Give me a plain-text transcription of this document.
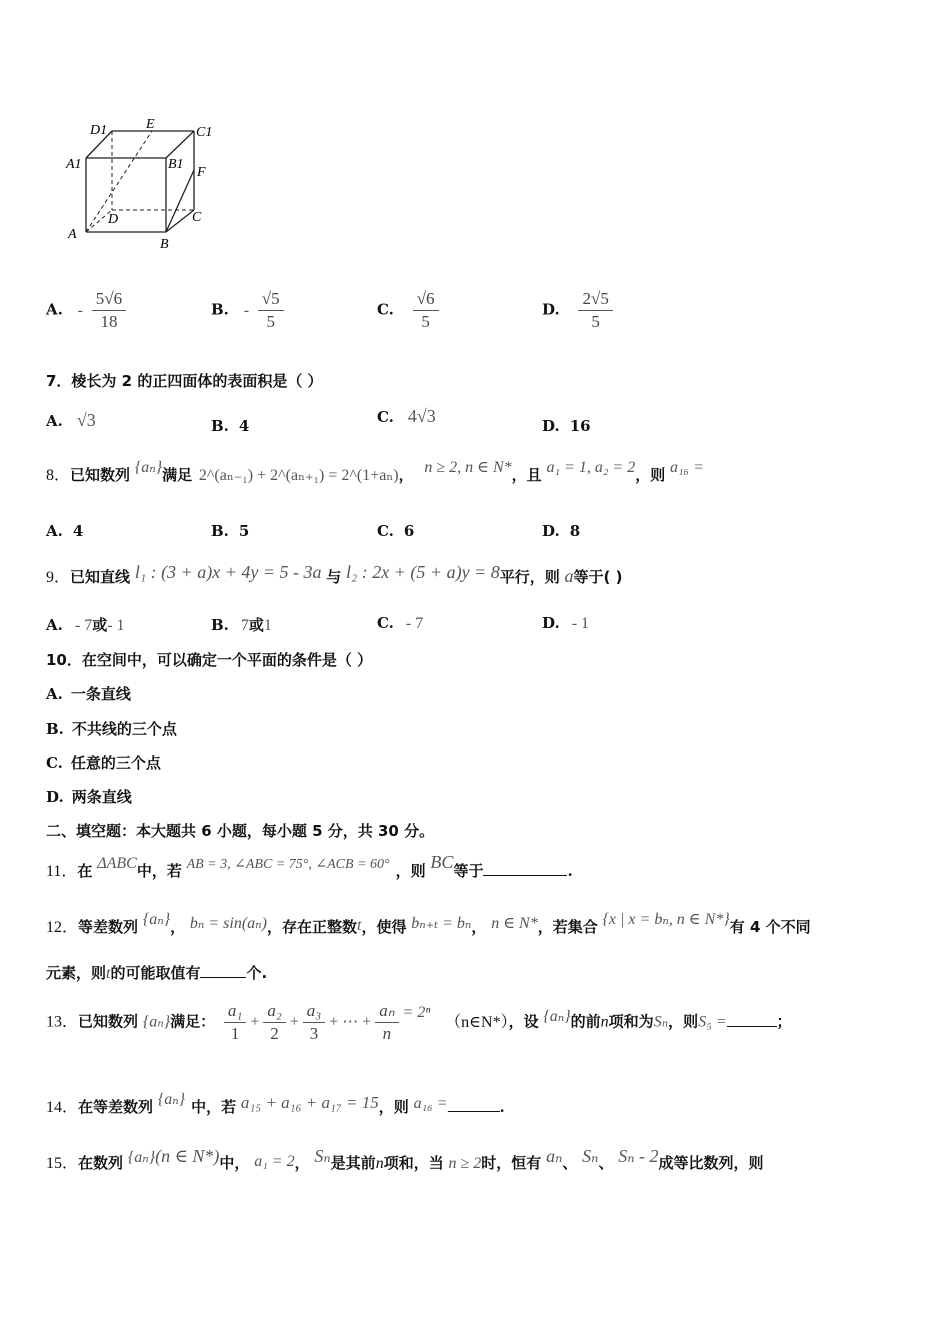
D1	E
C1
A1	B1
F
D	C
A
B
A. - $\frac{5√6}{18}$	B. - $\frac{√5}{5}$	C. $\frac{√6}{5}$	D. $\frac{2√5}{5}$
7．棱长为 2 的正四面体的表面积是（ ）
A. √3	B. 4	C. 4√3	D. 16
8．已知数列 {aₙ}满足 2^(aₙ₋₁) + 2^(aₙ₊₁) = 2^(1+aₙ)， n ≥ 2, n ∈ N*，且 a₁ = 1, a₂ = 2，则 a₁₆ =
A. 4	B. 5	C. 6	D. 8
9．已知直线 l₁ : (3 + a)x + 4y = 5 - 3a 与 l₂ : 2x + (5 + a)y = 8平行，则 a等于( )
A. - 7或- 1	B. 7或1	C. - 7	D. - 1
10．在空间中，可以确定一个平面的条件是（ ）
A. 一条直线
B. 不共线的三个点
C. 任意的三个点
D. 两条直线
二、填空题：本大题共 6 小题，每小题 5 分，共 30 分。
11．在 ΔABC中，若 AB = 3, ∠ABC = 75°, ∠ACB = 60° ，则 BC等于	.
12．等差数列 {aₙ}， bₙ = sin(aₙ)，存在正整数t，使得 bₙ₊ₜ = bₙ， n ∈ N*，若集合 {x | x = bₙ, n ∈ N*}有 4 个不同
元素，则t的可能取值有	个.
13．已知数列 {aₙ}满足： $\frac{\text{a₁}}{1} + \frac{\text{a₂}}{2} + \frac{\text{a₃}}{3}$ + ⋯ + $\frac{\text{aₙ}}{n} = 2^n$ （n∈N*），设 {aₙ}的前n项和为Sₙ，则S₅ =	；
14．在等差数列 {aₙ} 中，若 a₁₅ + a₁₆ + a₁₇ = 15，则 a₁₆ =	.
15．在数列 {aₙ}(n ∈ N*)中， a₁ = 2， Sₙ是其前n项和，当 n ≥ 2时，恒有 aₙ、 Sₙ、 Sₙ - 2成等比数列，则
